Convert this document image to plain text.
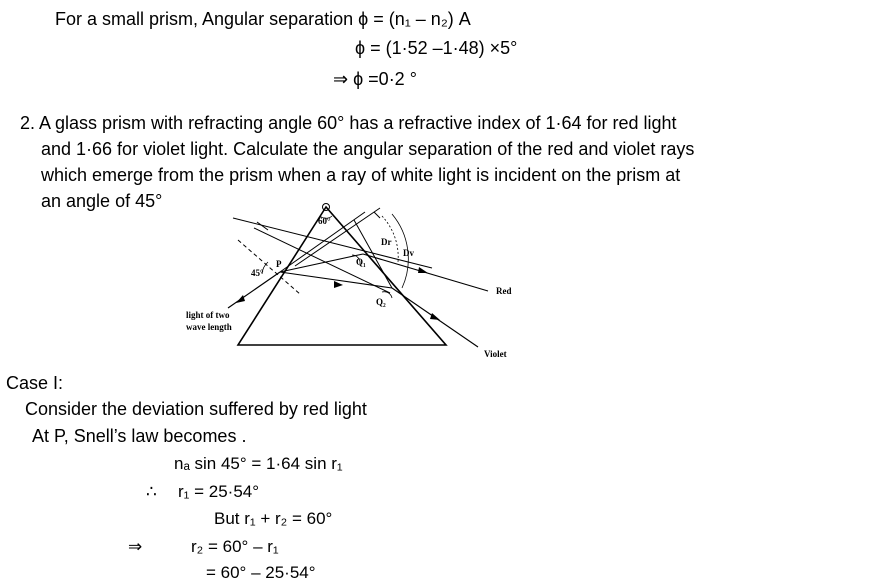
For a small prism, Angular separation ϕ = (n₁ – n₂) A
ϕ = (1·52 –1·48) ×5°
⇒ ϕ =0·2 °
2. A glass prism with refracting angle 60° has a refractive index of 1·64 for red light
and 1·66 for violet light. Calculate the angular separation of the red and violet rays
which emerge from the prism when a ray of white light is incident on the prism at
an angle of 45°
60°
45°
P	Q₁
Q₂
Dr
Dv
Red
Violet
light of two
wave length
Case I:
Consider the deviation suffered by red light
At P, Snell’s law becomes .
nₐ sin 45° = 1·64 sin r₁
∴ r₁ = 25·54°
But r₁ + r₂ = 60°
⇒	r₂ = 60° – r₁
= 60° – 25·54°
